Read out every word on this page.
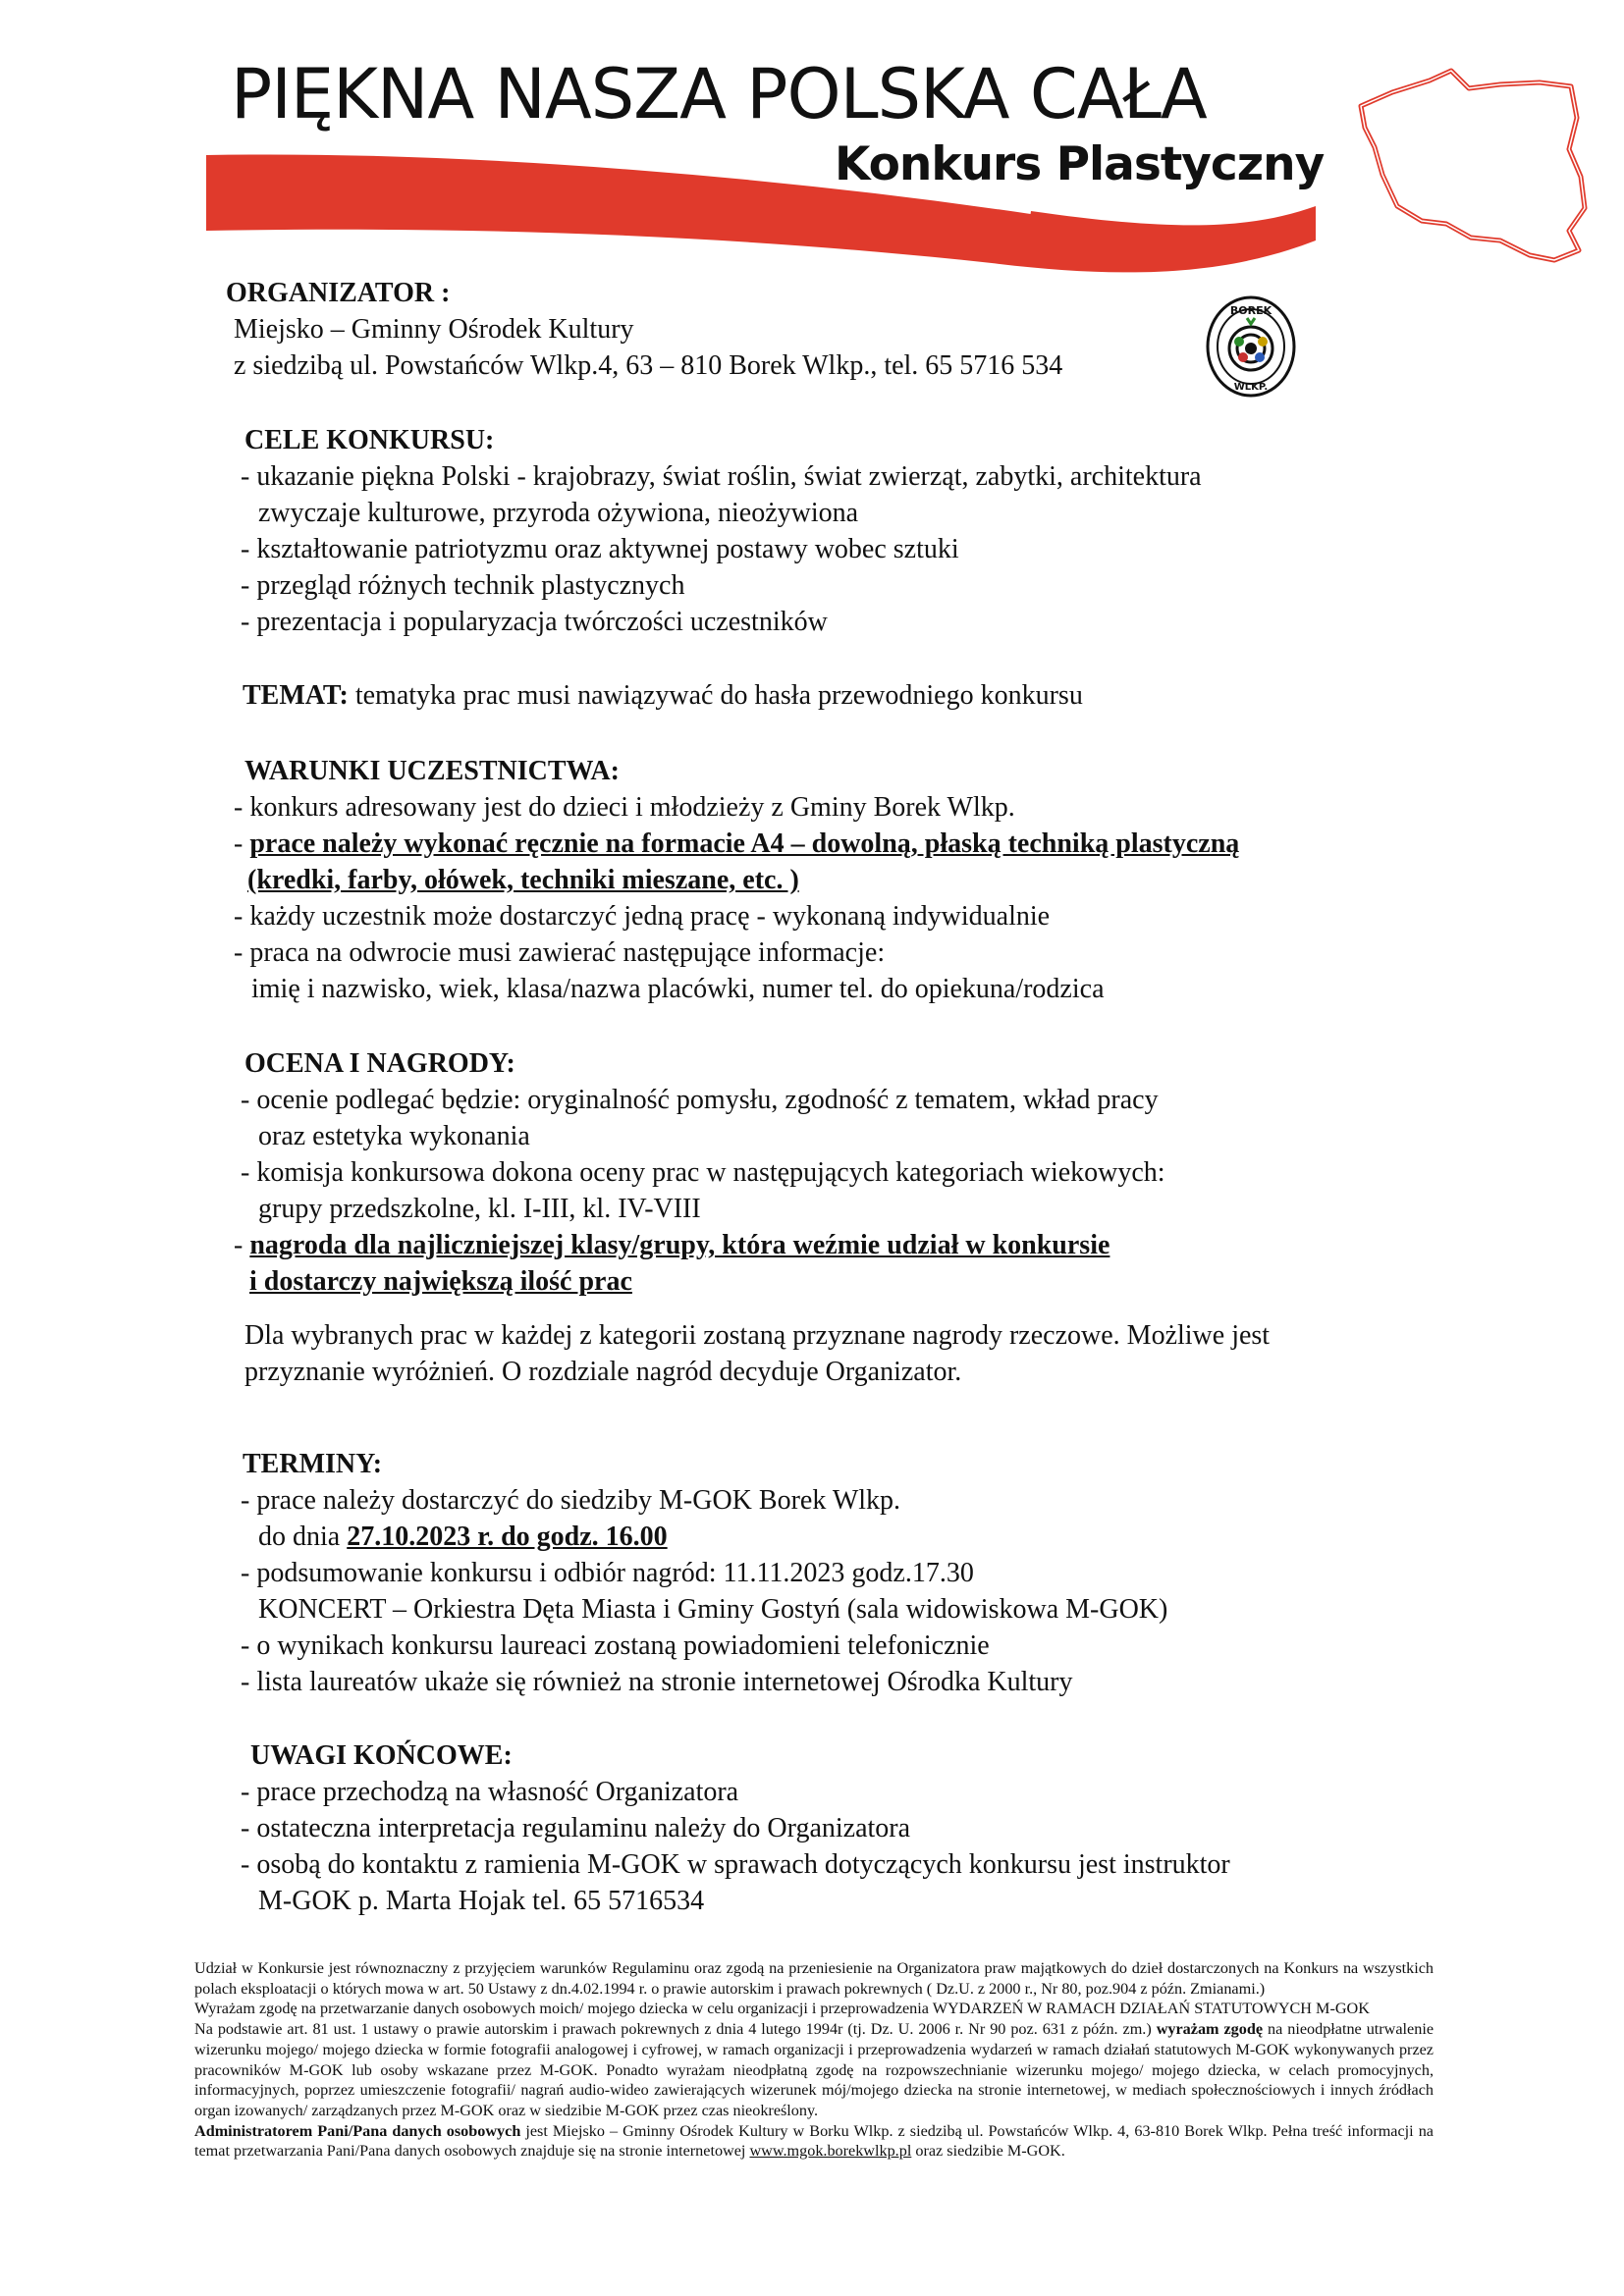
PIĘKNA NASZA POLSKA CAŁA
Konkurs Plastyczny
BOREK
WLKP.
ORGANIZATOR :
Miejsko – Gminny Ośrodek Kultury
z siedzibą ul. Powstańców Wlkp.4, 63 – 810 Borek Wlkp., tel. 65 5716 534
CELE KONKURSU:
- ukazanie piękna Polski - krajobrazy, świat roślin, świat zwierząt, zabytki, architektura
zwyczaje kulturowe, przyroda ożywiona, nieożywiona
- kształtowanie patriotyzmu oraz aktywnej postawy wobec sztuki
- przegląd różnych technik plastycznych
- prezentacja i popularyzacja twórczości uczestników
TEMAT: tematyka prac musi nawiązywać do hasła przewodniego konkursu
WARUNKI UCZESTNICTWA:
- konkurs adresowany jest do dzieci i młodzieży z Gminy Borek Wlkp.
- prace należy wykonać ręcznie na formacie A4 – dowolną, płaską techniką plastyczną
(kredki, farby, ołówek, techniki mieszane, etc. )
- każdy uczestnik może dostarczyć jedną pracę - wykonaną indywidualnie
- praca na odwrocie musi zawierać następujące informacje:
imię i nazwisko, wiek, klasa/nazwa placówki, numer tel. do opiekuna/rodzica
OCENA I NAGRODY:
- ocenie podlegać będzie: oryginalność pomysłu, zgodność z tematem, wkład pracy
oraz estetyka wykonania
- komisja konkursowa dokona oceny prac w następujących kategoriach wiekowych:
grupy przedszkolne, kl. I-III, kl. IV-VIII
- nagroda dla najliczniejszej klasy/grupy, która weźmie udział w konkursie
i dostarczy największą ilość prac
Dla wybranych prac w każdej z kategorii zostaną przyznane nagrody rzeczowe. Możliwe jest
przyznanie wyróżnień. O rozdziale nagród decyduje Organizator.
TERMINY:
- prace należy dostarczyć do siedziby M-GOK Borek Wlkp.
do dnia 27.10.2023 r. do godz. 16.00
- podsumowanie konkursu i odbiór nagród: 11.11.2023 godz.17.30
KONCERT – Orkiestra Dęta Miasta i Gminy Gostyń (sala widowiskowa M-GOK)
- o wynikach konkursu laureaci zostaną powiadomieni telefonicznie
- lista laureatów ukaże się również na stronie internetowej Ośrodka Kultury
UWAGI KOŃCOWE:
- prace przechodzą na własność Organizatora
- ostateczna interpretacja regulaminu należy do Organizatora
- osobą do kontaktu z ramienia M-GOK w sprawach dotyczących konkursu jest instruktor
M-GOK p. Marta Hojak tel. 65 5716534

Udział w Konkursie jest równoznaczny z przyjęciem warunków Regulaminu oraz zgodą na przeniesienie na Organizatora praw majątkowych do dzieł dostarczonych na Konkurs na wszystkich polach eksploatacji o których mowa w art. 50 Ustawy z dn.4.02.1994 r. o prawie autorskim i prawach pokrewnych ( Dz.U. z 2000 r., Nr 80, poz.904 z późn. Zmianami.)

Wyrażam zgodę na przetwarzanie danych osobowych moich/ mojego dziecka w celu organizacji i przeprowadzenia WYDARZEŃ W RAMACH DZIAŁAŃ STATUTOWYCH M-GOK

Na podstawie art. 81 ust. 1 ustawy o prawie autorskim i prawach pokrewnych z dnia 4 lutego 1994r (tj. Dz. U. 2006 r. Nr 90 poz. 631 z późn. zm.) wyrażam zgodę na nieodpłatne utrwalenie wizerunku mojego/ mojego dziecka w formie fotografii analogowej i cyfrowej, w ramach organizacji i przeprowadzenia wydarzeń w ramach działań statutowych M-GOK wykonywanych przez pracowników M-GOK lub osoby wskazane przez M-GOK. Ponadto wyrażam nieodpłatną zgodę na rozpowszechnianie wizerunku mojego/ mojego dziecka, w celach promocyjnych, informacyjnych, poprzez umieszczenie fotografii/ nagrań audio-wideo zawierających wizerunek mój/mojego dziecka na stronie internetowej, w mediach społecznościowych i innych źródłach organ izowanych/ zarządzanych przez M-GOK oraz w siedzibie M-GOK przez czas nieokreślony.

Administratorem Pani/Pana danych osobowych jest Miejsko – Gminny Ośrodek Kultury w Borku Wlkp. z siedzibą ul. Powstańców Wlkp. 4, 63-810 Borek Wlkp. Pełna treść informacji na temat przetwarzania Pani/Pana danych osobowych znajduje się na stronie internetowej www.mgok.borekwlkp.pl oraz siedzibie M-GOK.
